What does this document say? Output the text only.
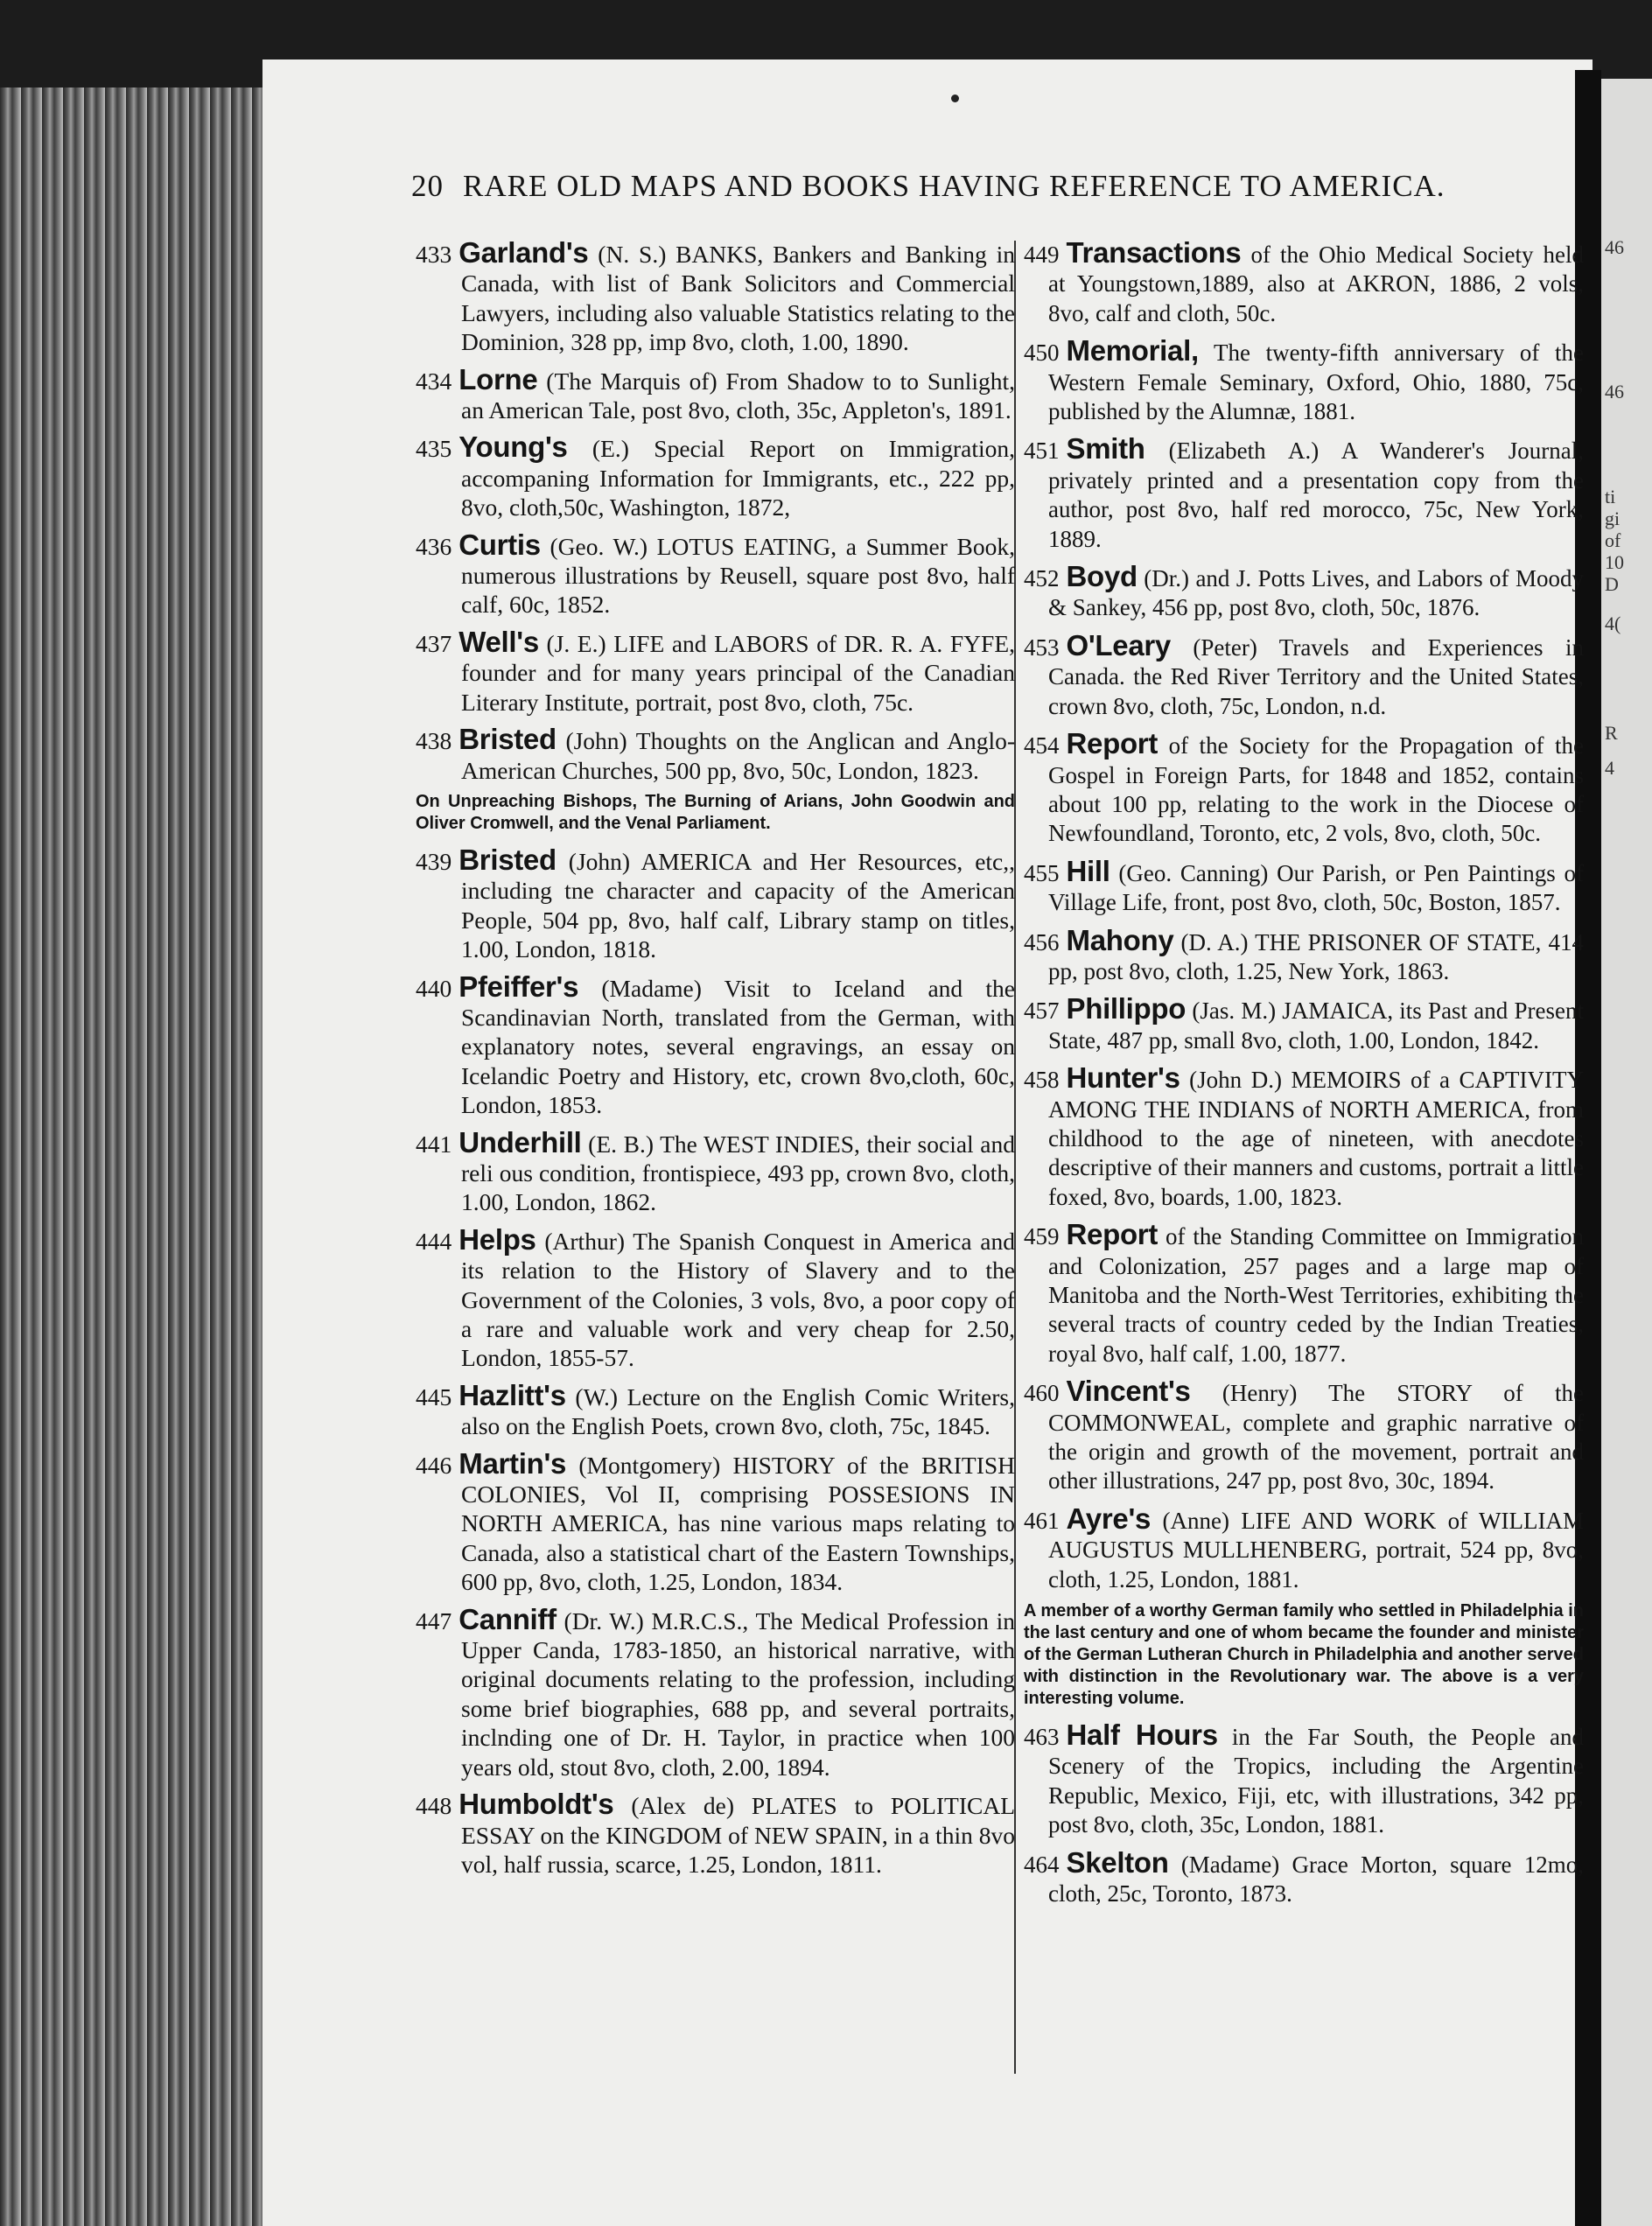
46
46
ti
gi
of
10
D
4(
R
4
20 RARE OLD MAPS AND BOOKS HAVING REFERENCE TO AMERICA.
433 Garland's (N. S.) BANKS, Bankers and Banking in Canada, with list of Bank Solicitors and Commercial Lawyers, including also valuable Statistics relating to the Dominion, 328 pp, imp 8vo, cloth, 1.00, 1890.
434 Lorne (The Marquis of) From Shadow to to Sunlight, an American Tale, post 8vo, cloth, 35c, Appleton's, 1891.
435 Young's (E.) Special Report on Immigration, accompaning Information for Immigrants, etc., 222 pp, 8vo, cloth,50c, Washington, 1872,
436 Curtis (Geo. W.) LOTUS EATING, a Summer Book, numerous illustrations by Reusell, square post 8vo, half calf, 60c, 1852.
437 Well's (J. E.) LIFE and LABORS of DR. R. A. FYFE, founder and for many years principal of the Canadian Literary Institute, portrait, post 8vo, cloth, 75c.
438 Bristed (John) Thoughts on the Anglican and Anglo-American Churches, 500 pp, 8vo, 50c, London, 1823.
On Unpreaching Bishops, The Burning of Arians, John Goodwin and Oliver Cromwell, and the Venal Parliament.
439 Bristed (John) AMERICA and Her Resources, etc,, including tne character and capacity of the American People, 504 pp, 8vo, half calf, Library stamp on titles, 1.00, London, 1818.
440 Pfeiffer's (Madame) Visit to Iceland and the Scandinavian North, translated from the German, with explanatory notes, several engravings, an essay on Icelandic Poetry and History, etc, crown 8vo,cloth, 60c, London, 1853.
441 Underhill (E. B.) The WEST INDIES, their social and reli ous condition, frontispiece, 493 pp, crown 8vo, cloth, 1.00, London, 1862.
444 Helps (Arthur) The Spanish Conquest in America and its relation to the History of Slavery and to the Government of the Colonies, 3 vols, 8vo, a poor copy of a rare and valuable work and very cheap for 2.50, London, 1855-57.
445 Hazlitt's (W.) Lecture on the English Comic Writers, also on the English Poets, crown 8vo, cloth, 75c, 1845.
446 Martin's (Montgomery) HISTORY of the BRITISH COLONIES, Vol II, comprising POSSESIONS IN NORTH AMERICA, has nine various maps relating to Canada, also a statistical chart of the Eastern Townships, 600 pp, 8vo, cloth, 1.25, London, 1834.
447 Canniff (Dr. W.) M.R.C.S., The Medical Profession in Upper Canda, 1783-1850, an historical narrative, with original documents relating to the profession, including some brief biographies, 688 pp, and several portraits, inclnding one of Dr. H. Taylor, in practice when 100 years old, stout 8vo, cloth, 2.00, 1894.
448 Humboldt's (Alex de) PLATES to POLITICAL ESSAY on the KINGDOM of NEW SPAIN, in a thin 8vo vol, half russia, scarce, 1.25, London, 1811.
449 Transactions of the Ohio Medical Society held at Youngstown,1889, also at AKRON, 1886, 2 vols, 8vo, calf and cloth, 50c.
450 Memorial, The twenty-fifth anniversary of the Western Female Seminary, Oxford, Ohio, 1880, 75c, published by the Alumnæ, 1881.
451 Smith (Elizabeth A.) A Wanderer's Journal, privately printed and a presentation copy from the author, post 8vo, half red morocco, 75c, New York, 1889.
452 Boyd (Dr.) and J. Potts Lives, and Labors of Moody & Sankey, 456 pp, post 8vo, cloth, 50c, 1876.
453 O'Leary (Peter) Travels and Experiences in Canada. the Red River Territory and the United States, crown 8vo, cloth, 75c, London, n.d.
454 Report of the Society for the Propagation of the Gospel in Foreign Parts, for 1848 and 1852, contains about 100 pp, relating to the work in the Diocese of Newfoundland, Toronto, etc, 2 vols, 8vo, cloth, 50c.
455 Hill (Geo. Canning) Our Parish, or Pen Paintings of Village Life, front, post 8vo, cloth, 50c, Boston, 1857.
456 Mahony (D. A.) THE PRISONER OF STATE, 414 pp, post 8vo, cloth, 1.25, New York, 1863.
457 Phillippo (Jas. M.) JAMAICA, its Past and Present State, 487 pp, small 8vo, cloth, 1.00, London, 1842.
458 Hunter's (John D.) MEMOIRS of a CAPTIVITY AMONG THE INDIANS of NORTH AMERICA, from childhood to the age of nineteen, with anecdotes descriptive of their manners and customs, portrait a little foxed, 8vo, boards, 1.00, 1823.
459 Report of the Standing Committee on Immigration and Colonization, 257 pages and a large map of Manitoba and the North-West Territories, exhibiting the several tracts of country ceded by the Indian Treaties, royal 8vo, half calf, 1.00, 1877.
460 Vincent's (Henry) The STORY of the COMMONWEAL, complete and graphic narrative of the origin and growth of the movement, portrait and other illustrations, 247 pp, post 8vo, 30c, 1894.
461 Ayre's (Anne) LIFE AND WORK of WILLIAM AUGUSTUS MULLHENBERG, portrait, 524 pp, 8vo, cloth, 1.25, London, 1881.
A member of a worthy German family who settled in Philadelphia in the last century and one of whom became the founder and minister of the German Lutheran Church in Philadelphia and another served with distinction in the Revolutionary war. The above is a very interesting volume.
463 Half Hours in the Far South, the People and Scenery of the Tropics, including the Argentine Republic, Mexico, Fiji, etc, with illustrations, 342 pp, post 8vo, cloth, 35c, London, 1881.
464 Skelton (Madame) Grace Morton, square 12mo, cloth, 25c, Toronto, 1873.
